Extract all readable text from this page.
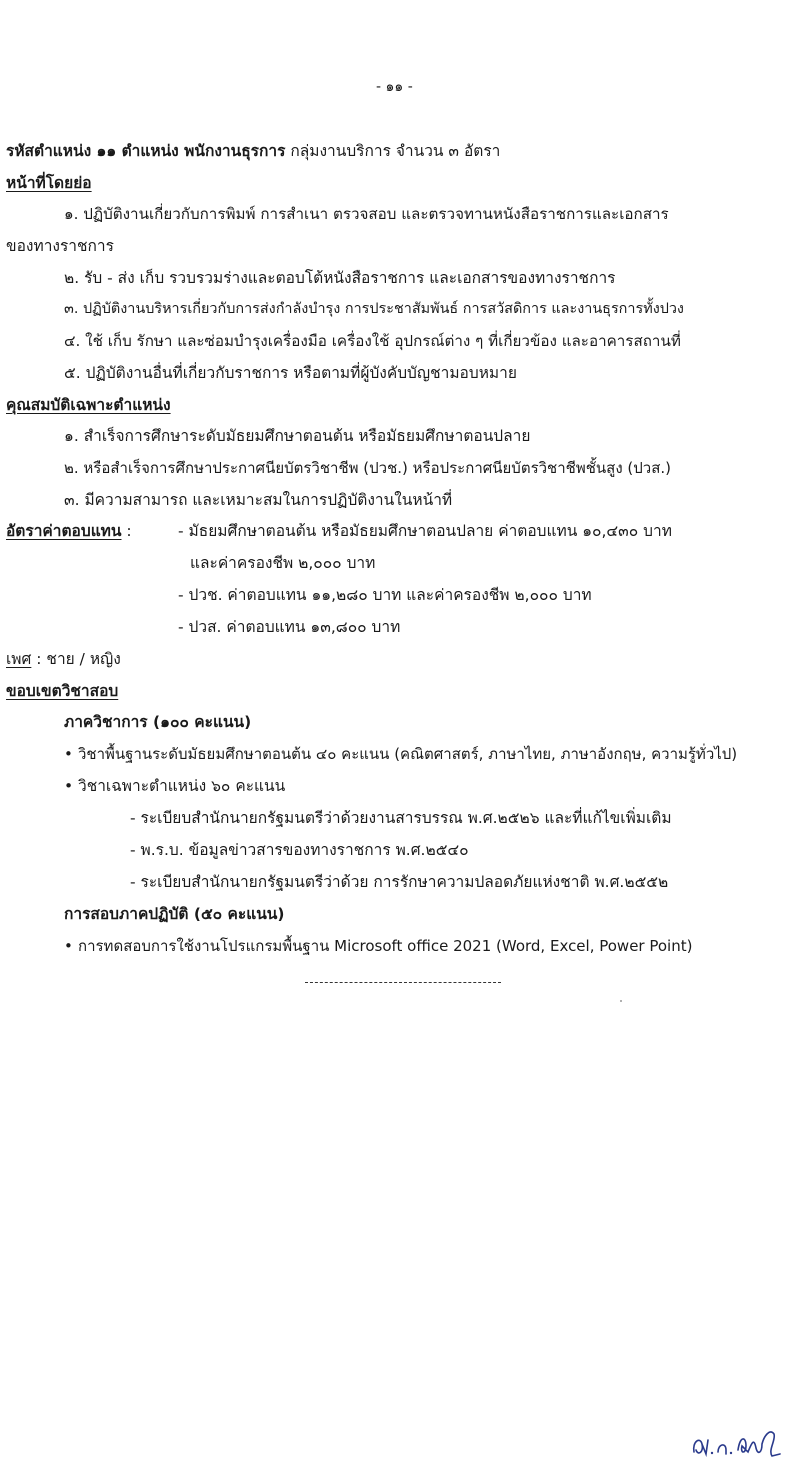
- ๑๑ -
รหัสตำแหน่ง ๑๑ ตำแหน่ง พนักงานธุรการ กลุ่มงานบริการ จำนวน ๓ อัตรา
หน้าที่โดยย่อ
๑. ปฏิบัติงานเกี่ยวกับการพิมพ์ การสำเนา ตรวจสอบ และตรวจทานหนังสือราชการและเอกสาร
ของทางราชการ
๒. รับ - ส่ง เก็บ รวบรวมร่างและตอบโต้หนังสือราชการ และเอกสารของทางราชการ
๓. ปฏิบัติงานบริหารเกี่ยวกับการส่งกำลังบำรุง การประชาสัมพันธ์ การสวัสดิการ และงานธุรการทั้งปวง
๔. ใช้ เก็บ รักษา และซ่อมบำรุงเครื่องมือ เครื่องใช้ อุปกรณ์ต่าง ๆ ที่เกี่ยวข้อง และอาคารสถานที่
๕. ปฏิบัติงานอื่นที่เกี่ยวกับราชการ หรือตามที่ผู้บังคับบัญชามอบหมาย
คุณสมบัติเฉพาะตำแหน่ง
๑. สำเร็จการศึกษาระดับมัธยมศึกษาตอนต้น หรือมัธยมศึกษาตอนปลาย
๒. หรือสำเร็จการศึกษาประกาศนียบัตรวิชาชีพ (ปวช.) หรือประกาศนียบัตรวิชาชีพชั้นสูง (ปวส.)
๓. มีความสามารถ และเหมาะสมในการปฏิบัติงานในหน้าที่
อัตราค่าตอบแทน :	- มัธยมศึกษาตอนต้น หรือมัธยมศึกษาตอนปลาย ค่าตอบแทน ๑๐,๔๓๐ บาท
และค่าครองชีพ ๒,๐๐๐ บาท
- ปวช. ค่าตอบแทน ๑๑,๒๘๐ บาท และค่าครองชีพ ๒,๐๐๐ บาท
- ปวส. ค่าตอบแทน ๑๓,๘๐๐ บาท
เพศ : ชาย / หญิง
ขอบเขตวิชาสอบ
ภาควิชาการ (๑๐๐ คะแนน)
• วิชาพื้นฐานระดับมัธยมศึกษาตอนต้น ๔๐ คะแนน (คณิตศาสตร์, ภาษาไทย, ภาษาอังกฤษ, ความรู้ทั่วไป)
• วิชาเฉพาะตำแหน่ง ๖๐ คะแนน
- ระเบียบสำนักนายกรัฐมนตรีว่าด้วยงานสารบรรณ พ.ศ.๒๕๒๖ และที่แก้ไขเพิ่มเติม
- พ.ร.บ. ข้อมูลข่าวสารของทางราชการ พ.ศ.๒๕๔๐
- ระเบียบสำนักนายกรัฐมนตรีว่าด้วย การรักษาความปลอดภัยแห่งชาติ พ.ศ.๒๕๕๒
การสอบภาคปฏิบัติ (๕๐ คะแนน)
• การทดสอบการใช้งานโปรแกรมพื้นฐาน Microsoft office 2021 (Word, Excel, Power Point)
